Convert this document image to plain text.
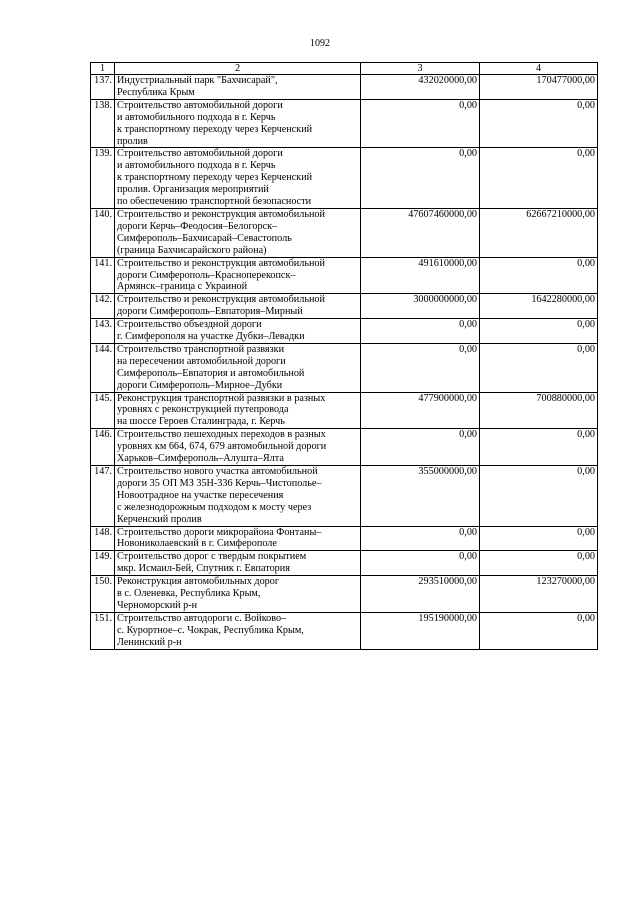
1092
1	2	3	4
137.	Индустриальный парк "Бахчисарай",
Республика Крым	432020000,00	170477000,00
138.	Строительство автомобильной дороги
и автомобильного подхода в г. Керчь
к транспортному переходу через Керченский
пролив	0,00	0,00
139.	Строительство автомобильной дороги
и автомобильного подхода в г. Керчь
к транспортному переходу через Керченский
пролив. Организация мероприятий
по обеспечению транспортной безопасности	0,00	0,00
140.	Строительство и реконструкция автомобильной
дороги Керчь–Феодосия–Белогорск–
Симферополь–Бахчисарай–Севастополь
(граница Бахчисарайского района)	47607460000,00	62667210000,00
141.	Строительство и реконструкция автомобильной
дороги Симферополь–Красноперекопск–
Армянск–граница с Украиной	491610000,00	0,00
142.	Строительство и реконструкция автомобильной
дороги Симферополь–Евпатория–Мирный	3000000000,00	1642280000,00
143.	Строительство объездной дороги
г. Симферополя на участке Дубки–Левадки	0,00	0,00
144.	Строительство транспортной развязки
на пересечении автомобильной дороги
Симферополь–Евпатория и автомобильной
дороги Симферополь–Мирное–Дубки	0,00	0,00
145.	Реконструкция транспортной развязки в разных
уровнях с реконструкцией путепровода
на шоссе Героев Сталинграда, г. Керчь	477900000,00	700880000,00
146.	Строительство пешеходных переходов в разных
уровнях км 664, 674, 679 автомобильной дороги
Харьков–Симферополь–Алушта–Ялта	0,00	0,00
147.	Строительство нового участка автомобильной
дороги 35 ОП МЗ 35Н-336 Керчь–Чистополье–
Новоотрадное на участке пересечения
с железнодорожным подходом к мосту через
Керченский пролив	355000000,00	0,00
148.	Строительство дороги микрорайона Фонтаны–
Новониколаевский в г. Симферополе	0,00	0,00
149.	Строительство дорог с твердым покрытием
мкр. Исмаил-Бей, Спутник г. Евпатория	0,00	0,00
150.	Реконструкция автомобильных дорог
в с. Оленевка, Республика Крым,
Черноморский р-н	293510000,00	123270000,00
151.	Строительство автодороги с. Войково–
с. Курортное–с. Чокрак, Республика Крым,
Ленинский р-н	195190000,00	0,00
